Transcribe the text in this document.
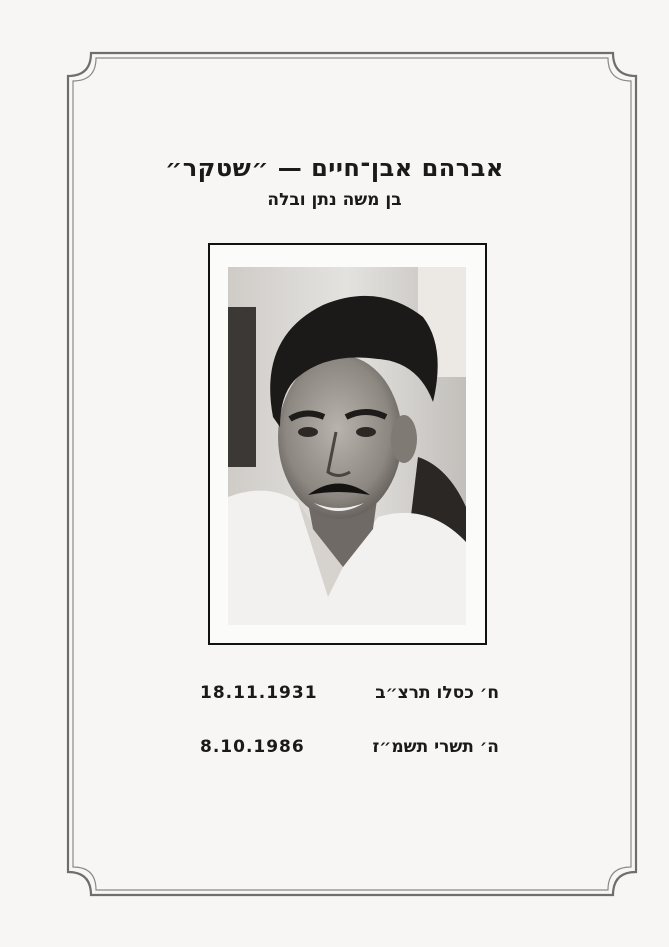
אברהם אבן־חיים — ״שטקר״
בן משה נתן ובלה
18.11.1931	ח׳ כסלו תרצ״ב
8.10.1986	ה׳ תשרי תשמ״ז
